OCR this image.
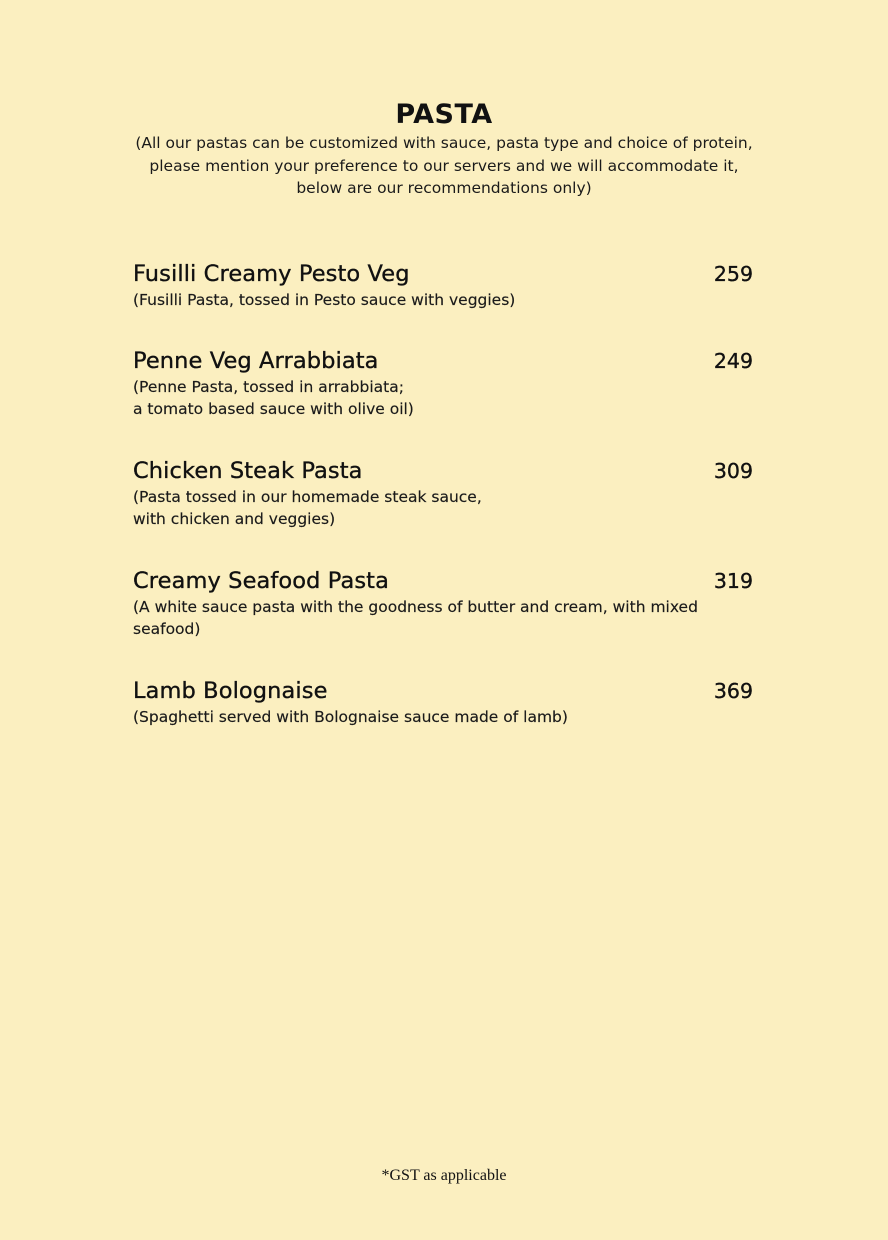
PASTA

(All our pastas can be customized with sauce, pasta type and choice of protein,

please mention your preference to our servers and we will accommodate it,

below are our recommendations only)

Fusilli Creamy Pesto Veg	259

(Fusilli Pasta, tossed in Pesto sauce with veggies)

Penne Veg Arrabbiata	249

(Penne Pasta, tossed in arrabbiata;

a tomato based sauce with olive oil)

Chicken Steak Pasta	309

(Pasta tossed in our homemade steak sauce,

with chicken and veggies)

Creamy Seafood Pasta	319

(A white sauce pasta with the goodness of butter and cream, with mixed

seafood)

Lamb Bolognaise	369

(Spaghetti served with Bolognaise sauce made of lamb)

*GST as applicable
